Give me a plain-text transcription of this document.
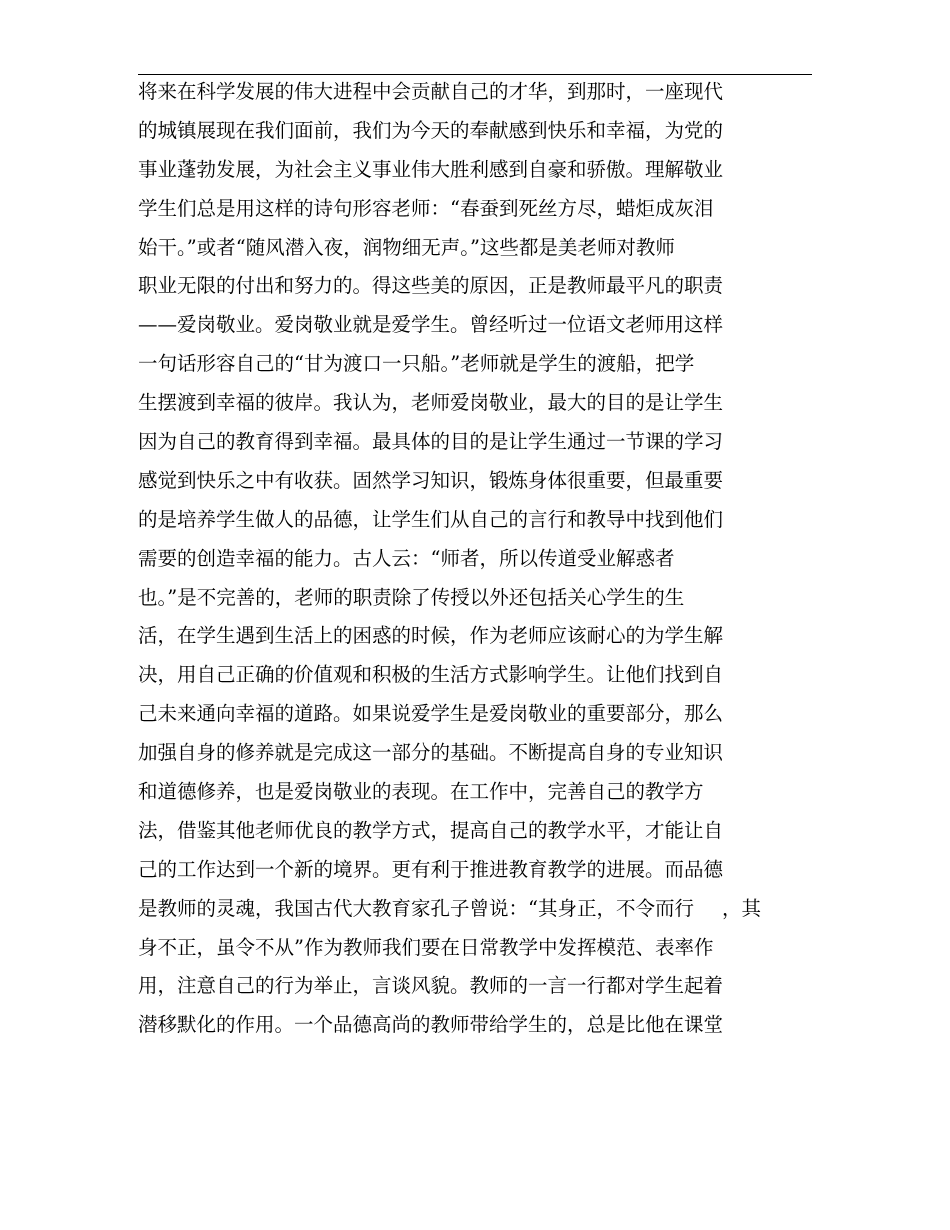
将来在科学发展的伟大进程中会贡献自己的才华，到那时，一座现代
的城镇展现在我们面前，我们为今天的奉献感到快乐和幸福，为党的
事业蓬勃发展，为社会主义事业伟大胜利感到自豪和骄傲。理解敬业
学生们总是用这样的诗句形容老师：“春蚕到死丝方尽，蜡炬成灰泪
始干。”或者“随风潜入夜，润物细无声。”这些都是美老师对教师
职业无限的付出和努力的。得这些美的原因，正是教师最平凡的职责
——爱岗敬业。爱岗敬业就是爱学生。曾经听过一位语文老师用这样
一句话形容自己的“甘为渡口一只船。”老师就是学生的渡船，把学
生摆渡到幸福的彼岸。我认为，老师爱岗敬业，最大的目的是让学生
因为自己的教育得到幸福。最具体的目的是让学生通过一节课的学习
感觉到快乐之中有收获。固然学习知识，锻炼身体很重要，但最重要
的是培养学生做人的品德，让学生们从自己的言行和教导中找到他们
需要的创造幸福的能力。古人云：“师者，所以传道受业解惑者
也。”是不完善的，老师的职责除了传授以外还包括关心学生的生
活，在学生遇到生活上的困惑的时候，作为老师应该耐心的为学生解
决，用自己正确的价值观和积极的生活方式影响学生。让他们找到自
己未来通向幸福的道路。如果说爱学生是爱岗敬业的重要部分，那么
加强自身的修养就是完成这一部分的基础。不断提高自身的专业知识
和道德修养，也是爱岗敬业的表现。在工作中，完善自己的教学方
法，借鉴其他老师优良的教学方式，提高自己的教学水平，才能让自
己的工作达到一个新的境界。更有利于推进教育教学的进展。而品德
是教师的灵魂，我国古代大教育家孔子曾说：“其身正，不令而行 ，其
身不正，虽令不从”作为教师我们要在日常教学中发挥模范、表率作
用，注意自己的行为举止，言谈风貌。教师的一言一行都对学生起着
潜移默化的作用。一个品德高尚的教师带给学生的，总是比他在课堂
